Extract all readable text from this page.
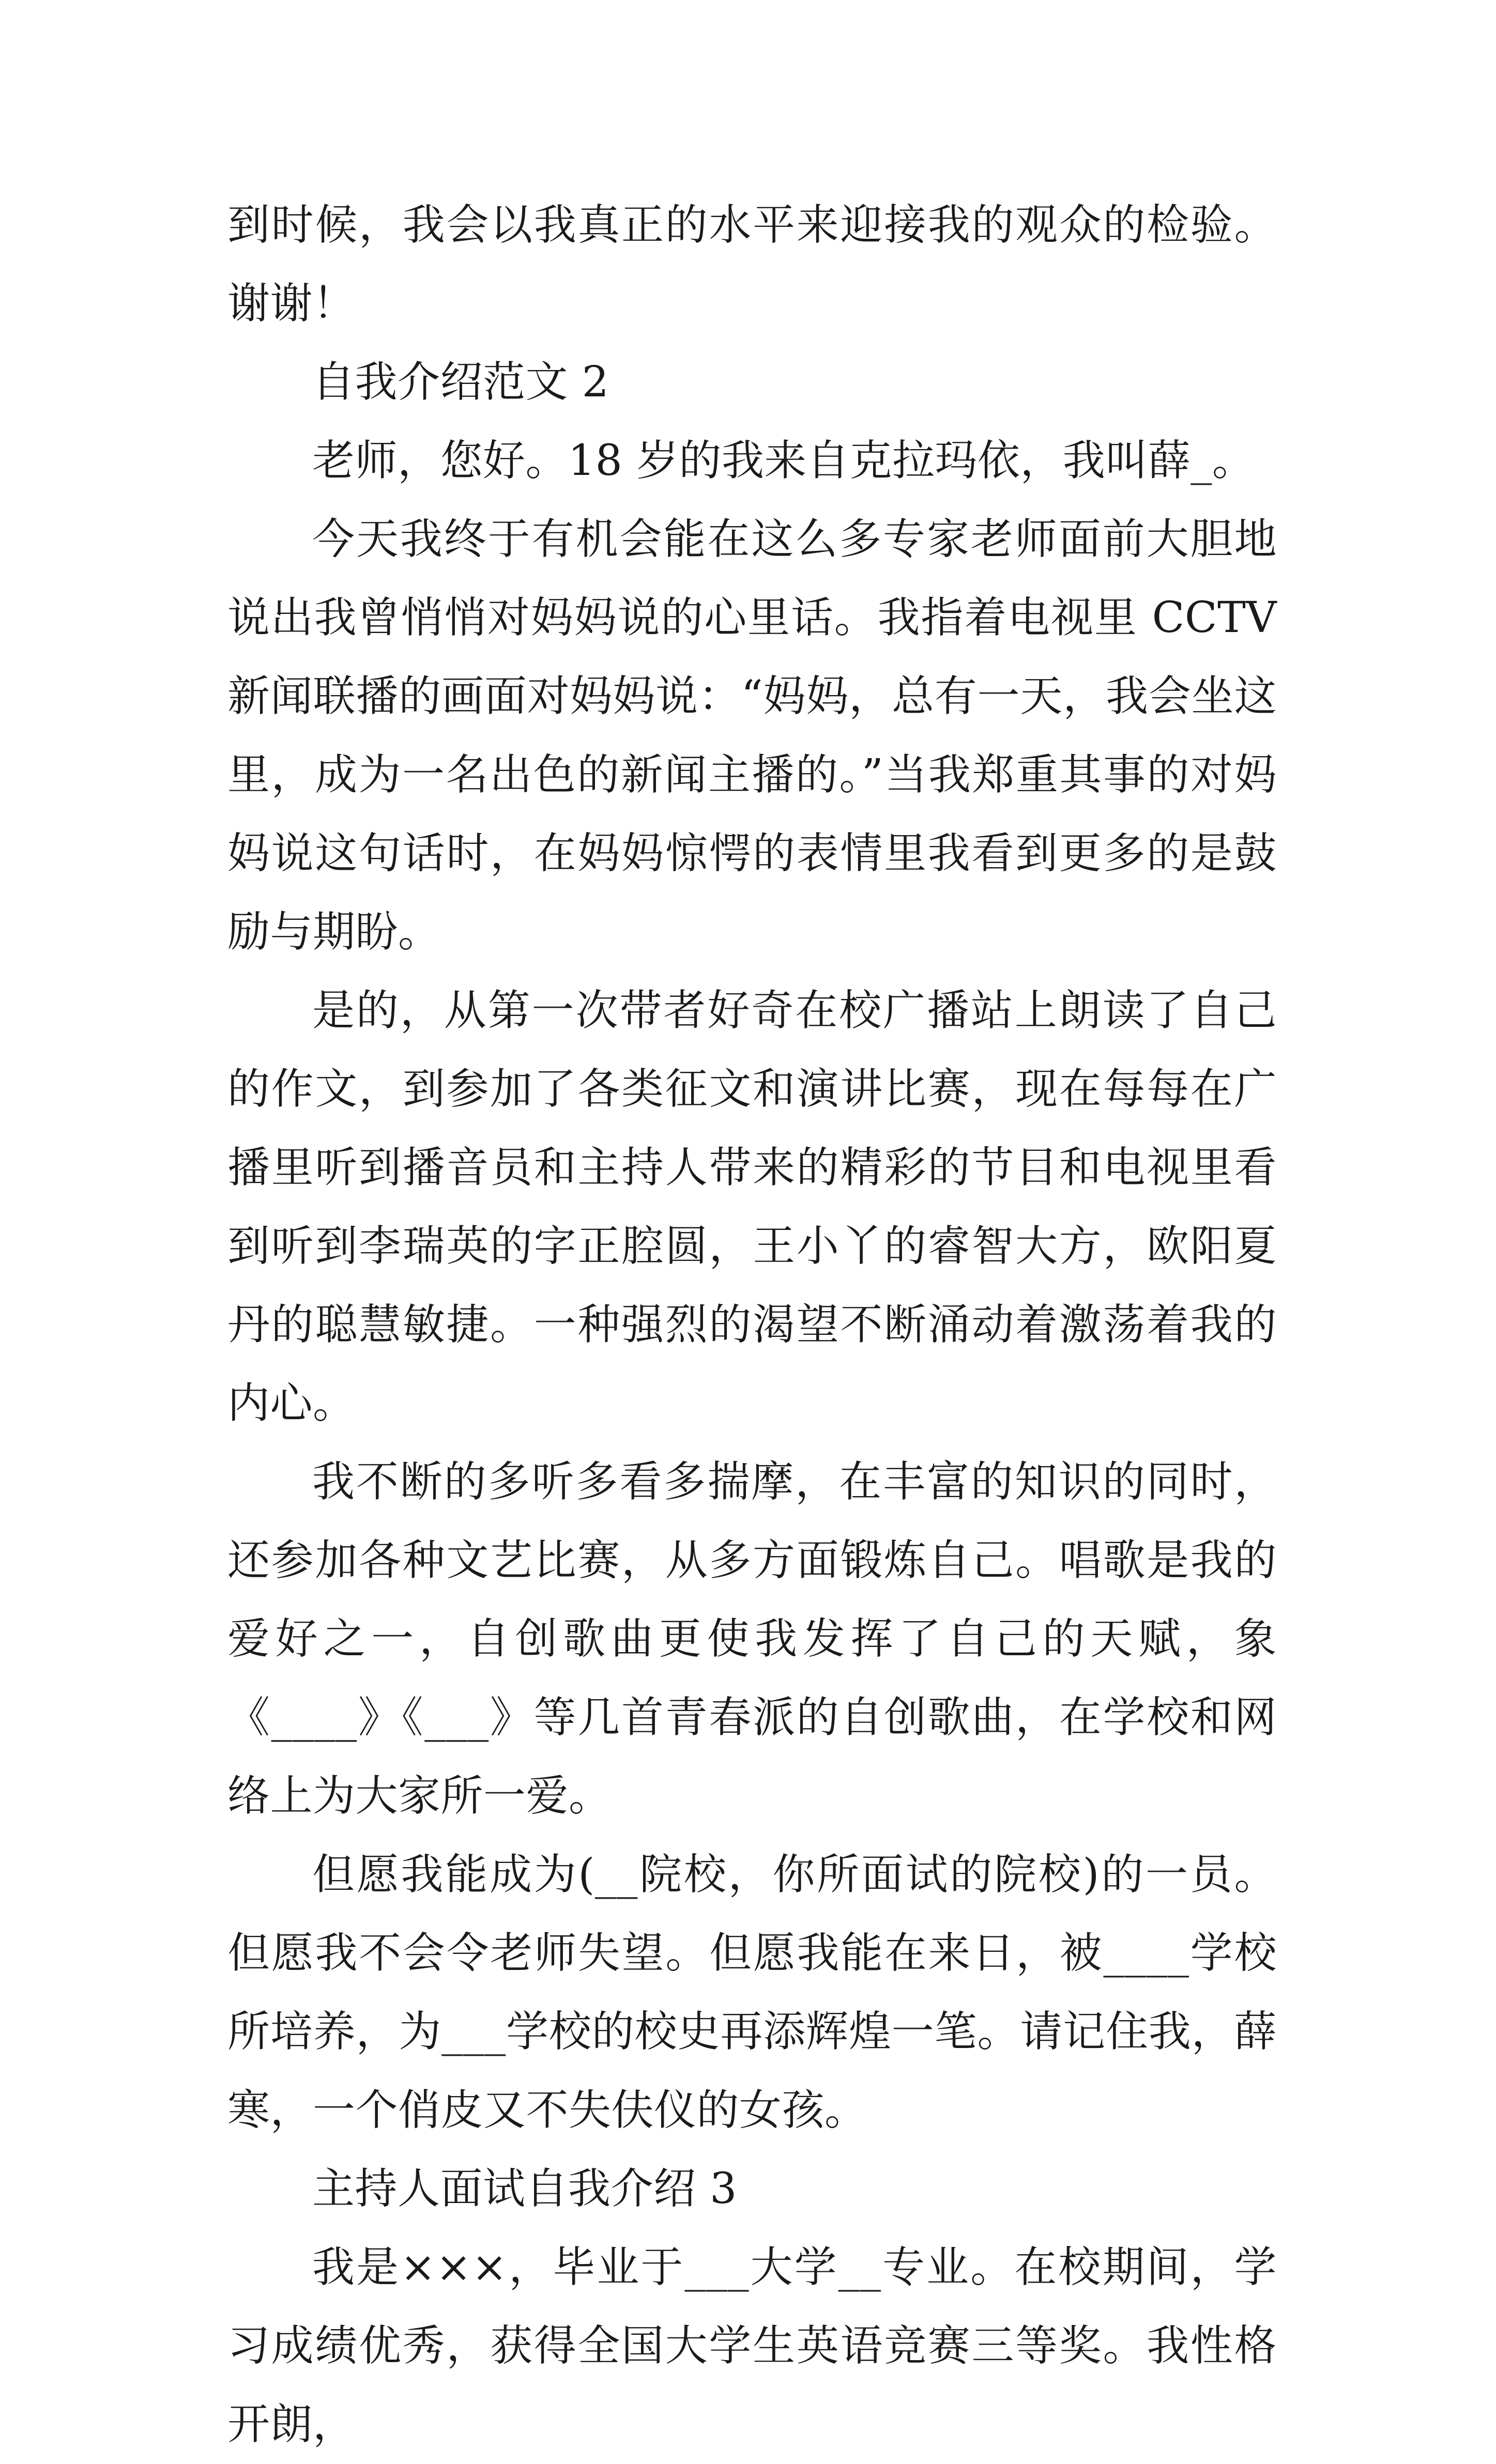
到时候，我会以我真正的水平来迎接我的观众的检验。谢谢！

自我介绍范文 2

老师，您好。18 岁的我来自克拉玛依，我叫薛_。

今天我终于有机会能在这么多专家老师面前大胆地说出我曾悄悄对妈妈说的心里话。我指着电视里 CCTV 新闻联播的画面对妈妈说：“妈妈，总有一天，我会坐这里，成为一名出色的新闻主播的。”当我郑重其事的对妈妈说这句话时，在妈妈惊愕的表情里我看到更多的是鼓励与期盼。

是的，从第一次带者好奇在校广播站上朗读了自己的作文，到参加了各类征文和演讲比赛，现在每每在广播里听到播音员和主持人带来的精彩的节目和电视里看到听到李瑞英的字正腔圆，王小丫的睿智大方，欧阳夏丹的聪慧敏捷。一种强烈的渴望不断涌动着激荡着我的内心。

我不断的多听多看多揣摩，在丰富的知识的同时，还参加各种文艺比赛，从多方面锻炼自己。唱歌是我的爱好之一，自创歌曲更使我发挥了自己的天赋，象《____》《___》等几首青春派的自创歌曲，在学校和网络上为大家所一爱。

但愿我能成为(__院校，你所面试的院校)的一员。但愿我不会令老师失望。但愿我能在来日，被____学校所培养，为___学校的校史再添辉煌一笔。请记住我，薛寒，一个俏皮又不失伕仪的女孩。

主持人面试自我介绍 3

我是×××，毕业于___大学__专业。在校期间，学习成绩优秀，获得全国大学生英语竞赛三等奖。我性格开朗，
